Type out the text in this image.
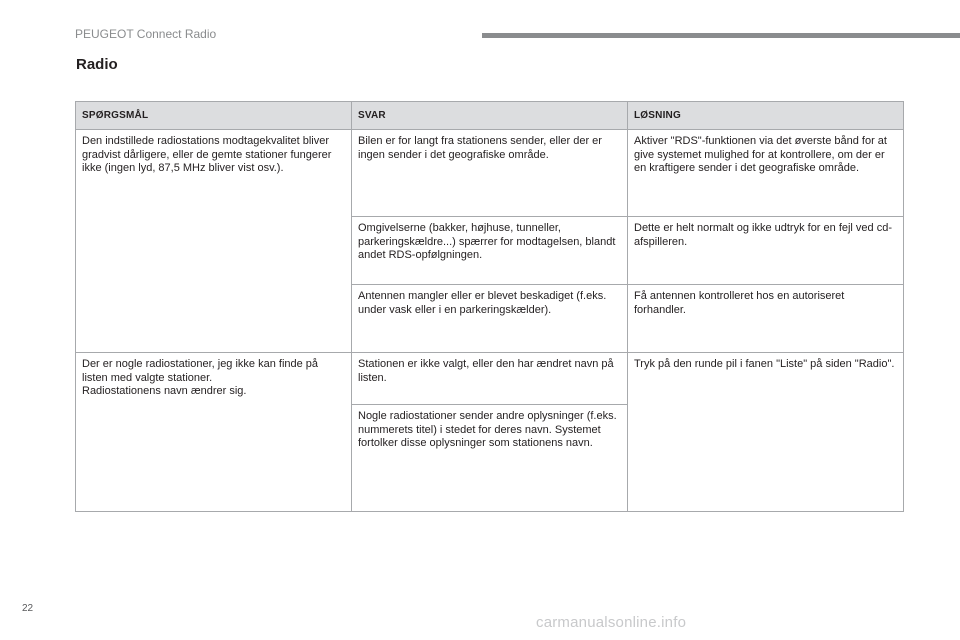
PEUGEOT Connect Radio
Radio
SPØRGSMÅL	SVAR	LØSNING
Den indstillede radiostations modtagekvalitet bliver gradvist dårligere, eller de gemte stationer fungerer ikke (ingen lyd, 87,5 MHz bliver vist osv.).	Bilen er for langt fra stationens sender, eller der er ingen sender i det geografiske område.	Aktiver "RDS"-funktionen via det øverste bånd for at give systemet mulighed for at kontrollere, om der er en kraftigere sender i det geografiske område.
	Omgivelserne (bakker, højhuse, tunneller, parkeringskældre...) spærrer for modtagelsen, blandt andet RDS-opfølgningen.	Dette er helt normalt og ikke udtryk for en fejl ved cd-afspilleren.
	Antennen mangler eller er blevet beskadiget (f.eks. under vask eller i en parkeringskælder).	Få antennen kontrolleret hos en autoriseret forhandler.

Der er nogle radiostationer, jeg ikke kan finde på listen med valgte stationer.
Radiostationens navn ændrer sig.	Stationen er ikke valgt, eller den har ændret navn på listen.	Tryk på den runde pil i fanen "Liste" på siden "Radio".
	Nogle radiostationer sender andre oplysninger (f.eks. nummerets titel) i stedet for deres navn. Systemet fortolker disse oplysninger som stationens navn.	
22
carmanualsonline.info
